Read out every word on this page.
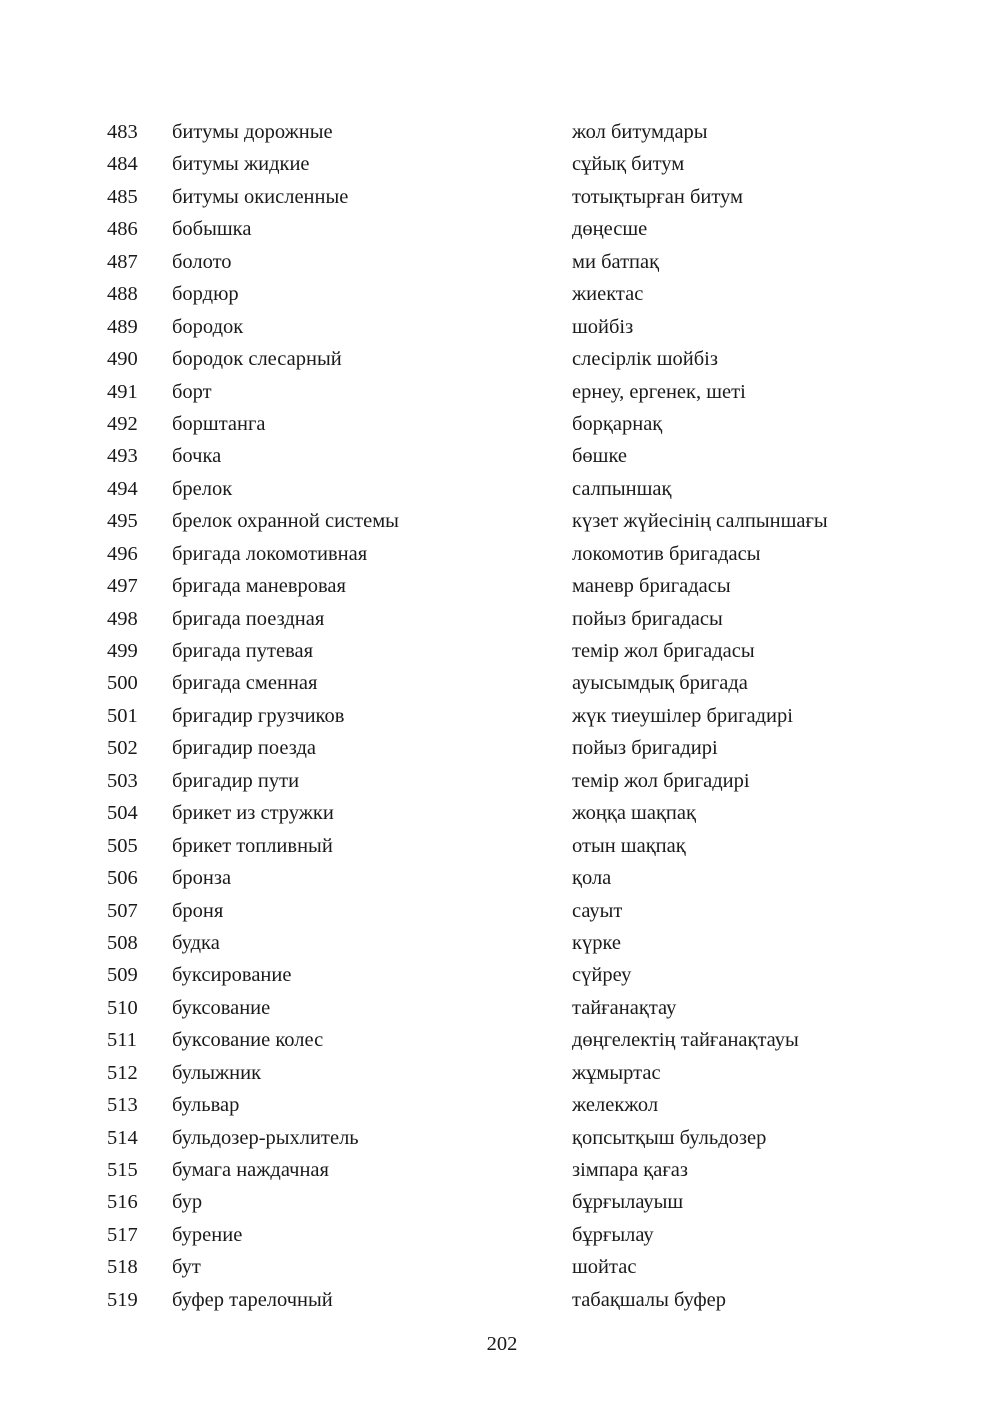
483 битумы дорожные	жол битумдары
484 битумы жидкие	сұйық битум
485 битумы окисленные	тотықтырған битум
486 бобышка	дөңесше
487 болото	ми батпақ
488 бордюр	жиектас
489 бородок	шойбіз
490 бородок слесарный	слесірлік шойбіз
491 борт	ернеу, ергенек, шеті
492 борштанга	борқарнақ
493 бочка	бөшке
494 брелок	салпыншақ
495 брелок охранной системы	күзет жүйесінің салпыншағы
496 бригада локомотивная	локомотив бригадасы
497 бригада маневровая	маневр бригадасы
498 бригада поездная	пойыз бригадасы
499 бригада путевая	темір жол бригадасы
500 бригада сменная	ауысымдық бригада
501 бригадир грузчиков	жүк тиеушілер бригадирі
502 бригадир поезда	пойыз бригадирі
503 бригадир пути	темір жол бригадирі
504 брикет из стружки	жоңқа шақпақ
505 брикет топливный	отын шақпақ
506 бронза	қола
507 броня	сауыт
508 будка	күрке
509 буксирование	сүйреу
510 буксование	тайғанақтау
511 буксование колес	дөңгелектің тайғанақтауы
512 булыжник	жұмыртас
513 бульвар	желекжол
514 бульдозер-рыхлитель	қопсытқыш бульдозер
515 бумага наждачная	зімпара қағаз
516 бур	бұрғылауыш
517 бурение	бұрғылау
518 бут	шойтас
519 буфер тарелочный	табақшалы буфер
202
